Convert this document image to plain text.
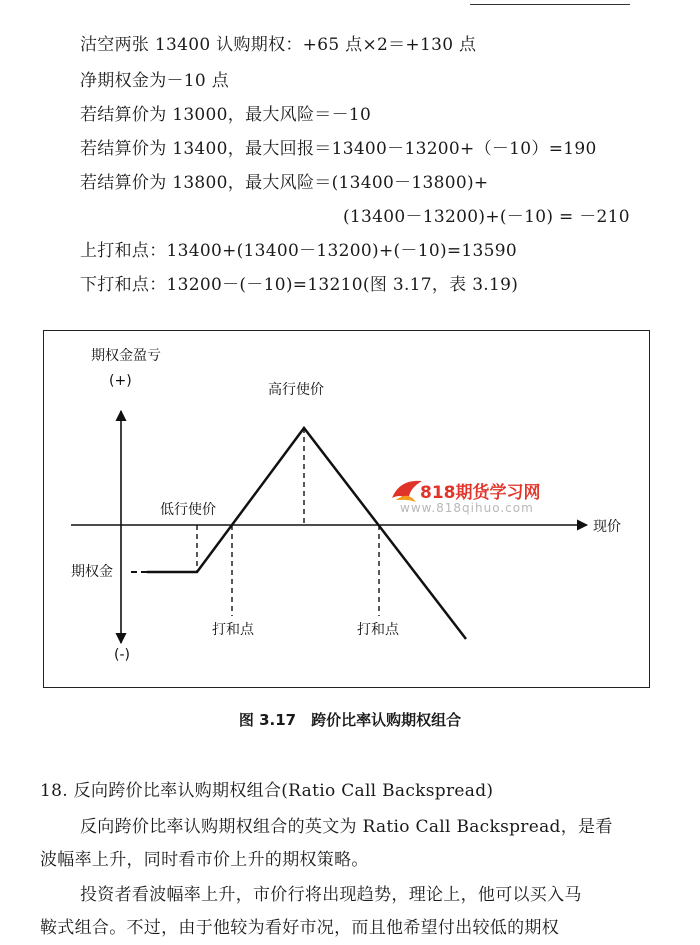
沽空两张 13400 认购期权：+65 点×2＝+130 点
净期权金为－10 点
若结算价为 13000，最大风险＝－10
若结算价为 13400，最大回报＝13400－13200+（－10）=190
若结算价为 13800，最大风险＝(13400－13800)+
(13400－13200)+(－10) = －210
上打和点：13400+(13400－13200)+(－10)=13590
下打和点：13200－(－10)=13210(图 3.17，表 3.19)
期权金盈亏
(+)
(-)
现价
高行使价
低行使价
期权金
打和点	打和点
818期货学习网
www.818qihuo.com
图 3.17　跨价比率认购期权组合
18. 反向跨价比率认购期权组合(Ratio Call Backspread)
反向跨价比率认购期权组合的英文为 Ratio Call Backspread，是看
波幅率上升，同时看市价上升的期权策略。
投资者看波幅率上升，市价行将出现趋势，理论上，他可以买入马
鞍式组合。不过，由于他较为看好市况，而且他希望付出较低的期权
